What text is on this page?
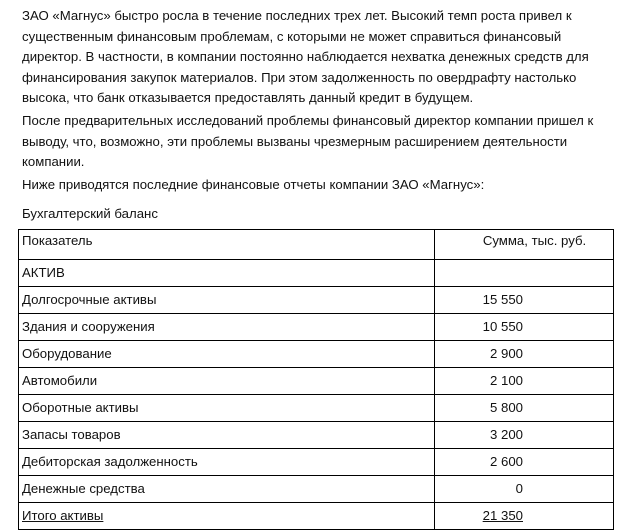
ЗАО «Магнус» быстро росла в течение последних трех лет. Высокий темп роста привел к существенным финансовым проблемам, с которыми не может справиться финансовый директор. В частности, в компании постоянно наблюдается нехватка денежных средств для финансирования закупок материалов. При этом задолженность по овердрафту настолько высока, что банк отказывается предоставлять данный кредит в будущем.

После предварительных исследований проблемы финансовый директор компании пришел к выводу, что, возможно, эти проблемы вызваны чрезмерным расширением деятельности компании.

Ниже приводятся последние финансовые отчеты компании ЗАО «Магнус»:

Бухгалтерский баланс

Показатель	Сумма, тыс. руб.
АКТИВ	
Долгосрочные активы	15 550
Здания и сооружения	10 550
Оборудование	2 900
Автомобили	2 100
Оборотные активы	5 800
Запасы товаров	3 200
Дебиторская задолженность	2 600
Денежные средства	0
Итого активы	21 350
